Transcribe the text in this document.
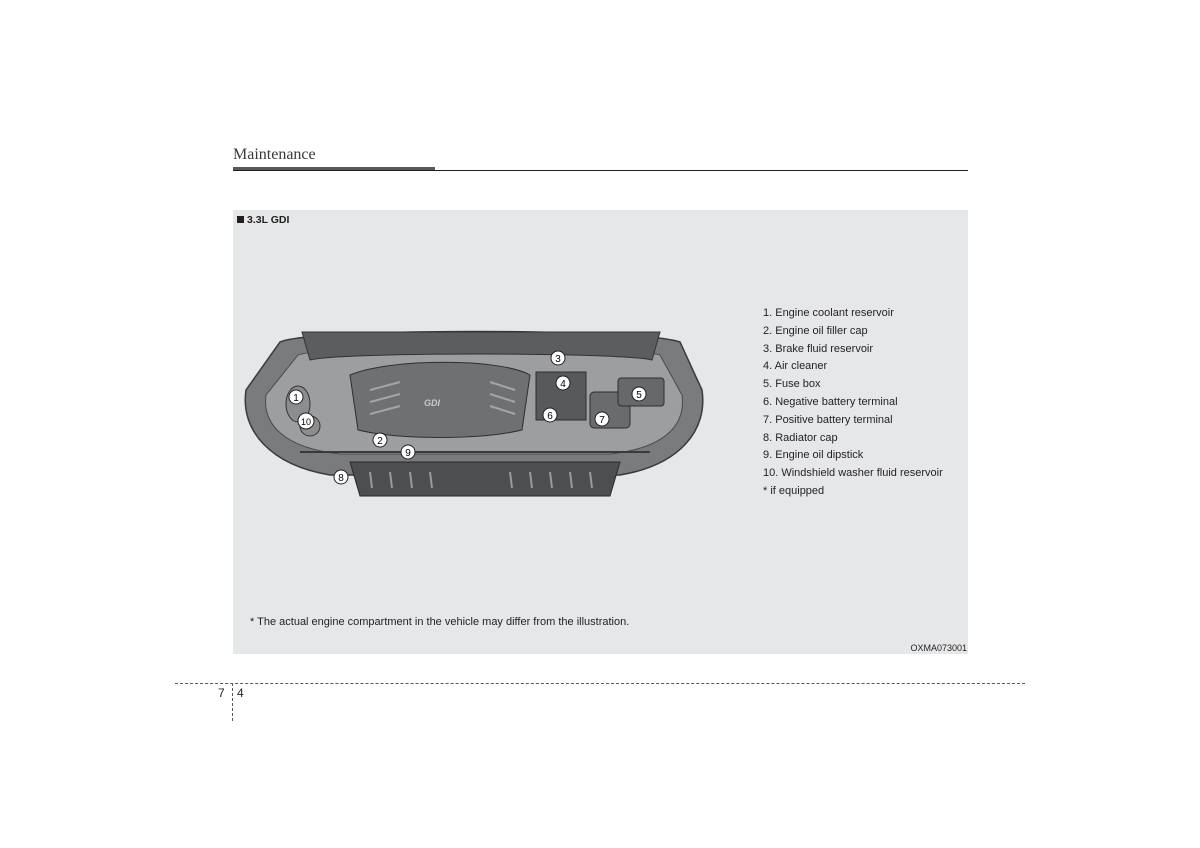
Maintenance
3.3L GDI
GDI
1
2
3
4
5
6	7
8
9
10
1. Engine coolant reservoir
2. Engine oil filler cap
3. Brake fluid reservoir
4. Air cleaner
5. Fuse box
6. Negative battery terminal
7. Positive battery terminal
8. Radiator cap
9. Engine oil dipstick
10. Windshield washer fluid reservoir
* if equipped
* The actual engine compartment in the vehicle may differ from the illustration.
OXMA073001
7 4
